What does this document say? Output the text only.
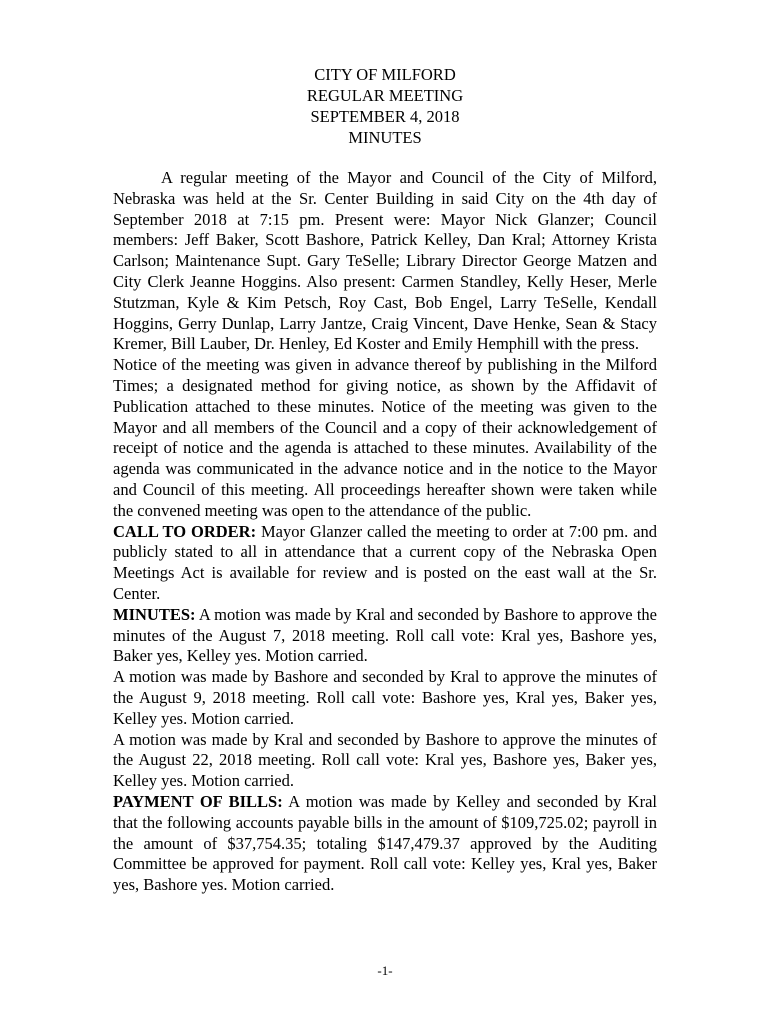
CITY OF MILFORD
REGULAR MEETING
SEPTEMBER 4, 2018
MINUTES

A regular meeting of the Mayor and Council of the City of Milford, Nebraska was held at the Sr. Center Building in said City on the 4th day of September 2018 at 7:15 pm. Present were: Mayor Nick Glanzer; Council members: Jeff Baker, Scott Bashore, Patrick Kelley, Dan Kral; Attorney Krista Carlson; Maintenance Supt. Gary TeSelle; Library Director George Matzen and City Clerk Jeanne Hoggins. Also present: Carmen Standley, Kelly Heser, Merle Stutzman, Kyle & Kim Petsch, Roy Cast, Bob Engel, Larry TeSelle, Kendall Hoggins, Gerry Dunlap, Larry Jantze, Craig Vincent, Dave Henke, Sean & Stacy Kremer, Bill Lauber, Dr. Henley, Ed Koster and Emily Hemphill with the press.

Notice of the meeting was given in advance thereof by publishing in the Milford Times; a designated method for giving notice, as shown by the Affidavit of Publication attached to these minutes. Notice of the meeting was given to the Mayor and all members of the Council and a copy of their acknowledgement of receipt of notice and the agenda is attached to these minutes. Availability of the agenda was communicated in the advance notice and in the notice to the Mayor and Council of this meeting. All proceedings hereafter shown were taken while the convened meeting was open to the attendance of the public.

CALL TO ORDER: Mayor Glanzer called the meeting to order at 7:00 pm. and publicly stated to all in attendance that a current copy of the Nebraska Open Meetings Act is available for review and is posted on the east wall at the Sr. Center.

MINUTES: A motion was made by Kral and seconded by Bashore to approve the minutes of the August 7, 2018 meeting. Roll call vote: Kral yes, Bashore yes, Baker yes, Kelley yes. Motion carried.

A motion was made by Bashore and seconded by Kral to approve the minutes of the August 9, 2018 meeting. Roll call vote: Bashore yes, Kral yes, Baker yes, Kelley yes. Motion carried.

A motion was made by Kral and seconded by Bashore to approve the minutes of the August 22, 2018 meeting. Roll call vote: Kral yes, Bashore yes, Baker yes, Kelley yes. Motion carried.

PAYMENT OF BILLS: A motion was made by Kelley and seconded by Kral that the following accounts payable bills in the amount of $109,725.02; payroll in the amount of $37,754.35; totaling $147,479.37 approved by the Auditing Committee be approved for payment. Roll call vote: Kelley yes, Kral yes, Baker yes, Bashore yes. Motion carried.

-1-
